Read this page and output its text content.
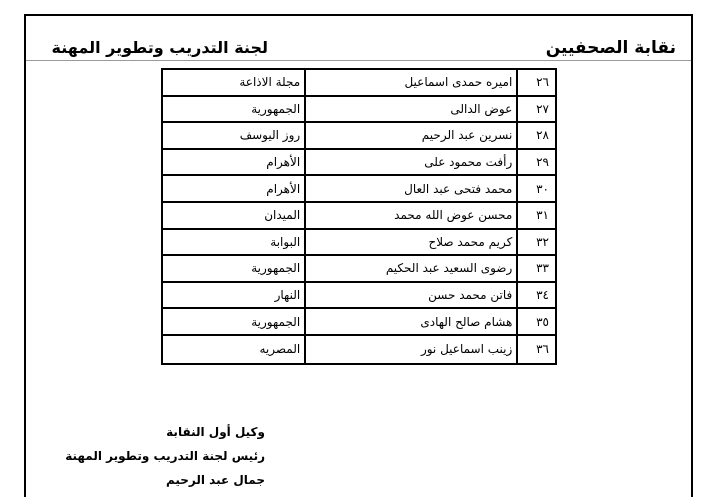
نقابة الصحفيين
لجنة التدريب وتطوير المهنة
مجلة الاذاعة	اميره حمدى اسماعيل	٢٦
الجمهورية	عوض الدالى	٢٧
روز اليوسف	نسرين عبد الرحيم	٢٨
الأهرام	رأفت محمود على	٢٩
الأهرام	محمد فتحى عبد العال	٣٠
الميدان	محسن عوض الله محمد	٣١
البوابة	كريم محمد صلاح	٣٢
الجمهورية	رضوى السعيد عبد الحكيم	٣٣
النهار	فاتن محمد حسن	٣٤
الجمهورية	هشام صالح الهادى	٣٥
المصريه	زينب اسماعيل نور	٣٦
وكيل أول النقابة
رئيس لجنة التدريب وتطوير المهنة
جمال عبد الرحيم
